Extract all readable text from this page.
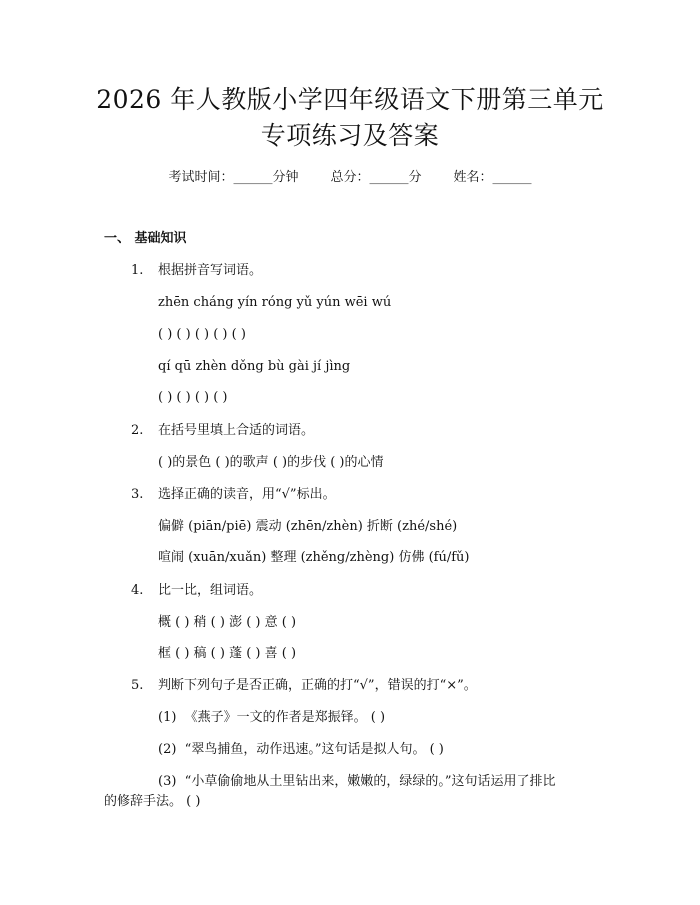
2026 年人教版小学四年级语文下册第三单元
专项练习及答案
考试时间：______分钟 总分：______分 姓名：______
一、 基础知识
1. 根据拼音写词语。
zhēn cháng yín róng yǔ yún wēi wú
( ) ( ) ( ) ( ) ( )
qí qū zhèn dǒng bù gài jí jìng
( ) ( ) ( ) ( )
2. 在括号里填上合适的词语。
( )的景色 ( )的歌声 ( )的步伐 ( )的心情
3. 选择正确的读音，用“√”标出。
偏僻 (piān/piē) 震动 (zhēn/zhèn) 折断 (zhé/shé)
喧闹 (xuān/xuǎn) 整理 (zhěng/zhèng) 仿佛 (fú/fǔ)
4. 比一比，组词语。
概 ( ) 稍 ( ) 澎 ( ) 意 ( )
框 ( ) 稿 ( ) 蓬 ( ) 喜 ( )
5. 判断下列句子是否正确，正确的打“√”，错误的打“×”。
(1)  《燕子》一文的作者是郑振铎。 ( )
(2)  “翠鸟捕鱼，动作迅速。”这句话是拟人句。 ( )
(3)  “小草偷偷地从土里钻出来，嫩嫩的，绿绿的。”这句话运用了排比
的修辞手法。 ( )
